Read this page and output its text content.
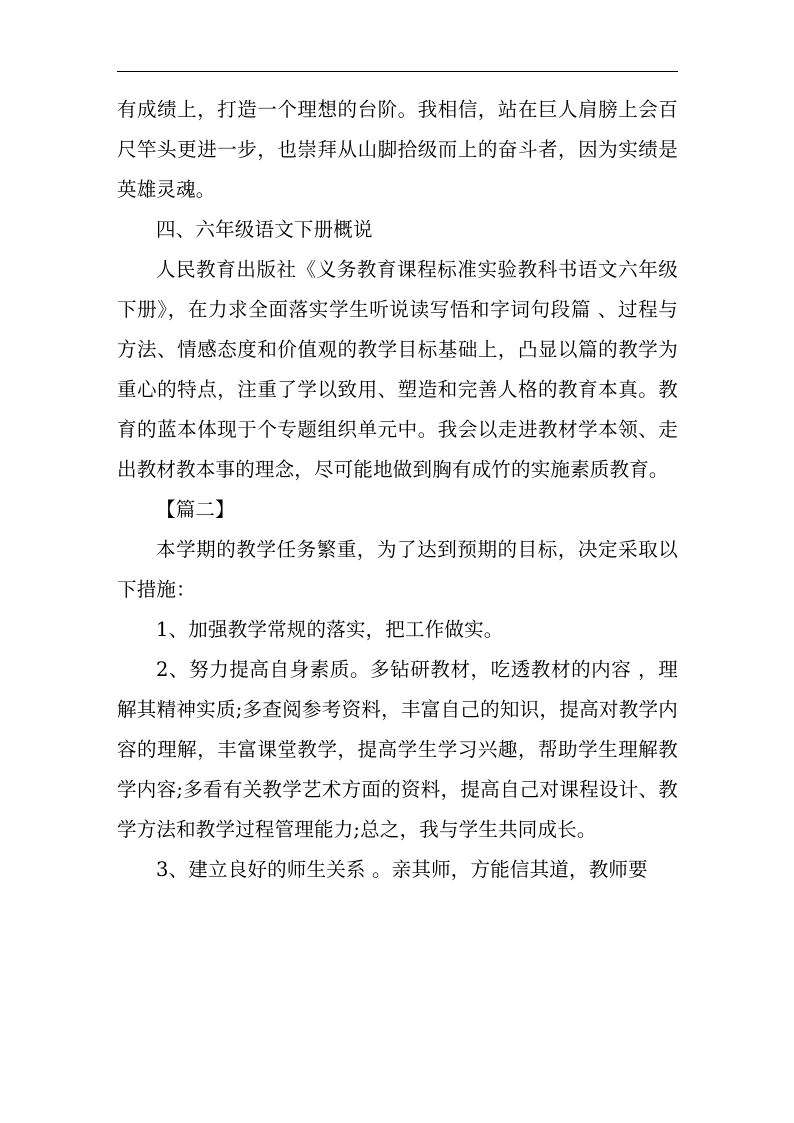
有成绩上，打造一个理想的台阶。我相信，站在巨人肩膀上会百尺竿头更进一步，也崇拜从山脚拾级而上的奋斗者，因为实绩是英雄灵魂。

四、六年级语文下册概说

人民教育出版社《义务教育课程标准实验教科书语文六年级下册》，在力求全面落实学生听说读写悟和字词句段篇 、过程与方法、情感态度和价值观的教学目标基础上，凸显以篇的教学为重心的特点，注重了学以致用、塑造和完善人格的教育本真。教育的蓝本体现于个专题组织单元中。我会以走进教材学本领、走出教材教本事的理念，尽可能地做到胸有成竹的实施素质教育。

【篇二】

本学期的教学任务繁重，为了达到预期的目标，决定采取以下措施：

1、加强教学常规的落实，把工作做实。

2、努力提高自身素质。多钻研教材，吃透教材的内容 ，理解其精神实质;多查阅参考资料，丰富自己的知识，提高对教学内容的理解，丰富课堂教学，提高学生学习兴趣，帮助学生理解教学内容;多看有关教学艺术方面的资料，提高自己对课程设计、教学方法和教学过程管理能力;总之，我与学生共同成长。

3、建立良好的师生关系 。亲其师，方能信其道，教师要
